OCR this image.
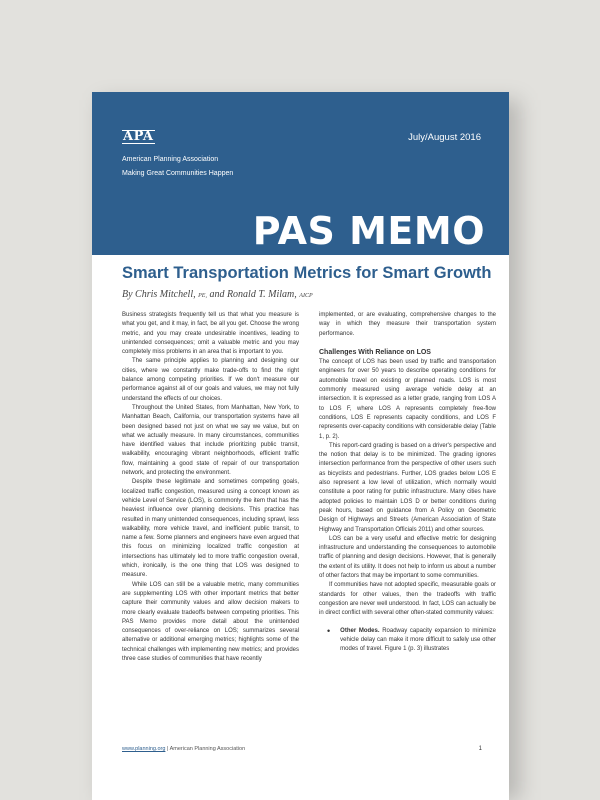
APA	July/August 2016
American Planning Association
Making Great Communities Happen
PAS MEMO
Smart Transportation Metrics for Smart Growth
By Chris Mitchell, PE, and Ronald T. Milam, AICP

Business strategists frequently tell us that what you measure is what you get, and it may, in fact, be all you get. Choose the wrong metric, and you may create undesirable incentives, leading to unintended consequences; omit a valuable metric and you may completely miss problems in an area that is important to you.

The same principle applies to planning and designing our cities, where we constantly make trade-offs to find the right balance among competing priorities. If we don't measure our performance against all of our goals and values, we may not fully understand the effects of our choices.

Throughout the United States, from Manhattan, New York, to Manhattan Beach, California, our transportation systems have all been designed based not just on what we say we value, but on what we actually measure. In many circumstances, communities have identified values that include prioritizing public transit, walkability, encouraging vibrant neighborhoods, efficient traffic flow, maintaining a good state of repair of our transportation network, and protecting the environment.

Despite these legitimate and sometimes competing goals, localized traffic congestion, measured using a concept known as vehicle Level of Service (LOS), is commonly the item that has the heaviest influence over planning decisions. This practice has resulted in many unintended consequences, including sprawl, less walkability, more vehicle travel, and inefficient public transit, to name a few. Some planners and engineers have even argued that this focus on minimizing localized traffic congestion at intersections has ultimately led to more traffic congestion overall, which, ironically, is the one thing that LOS was designed to measure.

While LOS can still be a valuable metric, many communities are supplementing LOS with other important metrics that better capture their community values and allow decision makers to more clearly evaluate tradeoffs between competing priorities. This PAS Memo provides more detail about the unintended consequences of over-reliance on LOS; summarizes several alternative or additional emerging metrics; highlights some of the technical challenges with implementing new metrics; and provides three case studies of communities that have recently

implemented, or are evaluating, comprehensive changes to the way in which they measure their transportation system performance.

Challenges With Reliance on LOS

The concept of LOS has been used by traffic and transportation engineers for over 50 years to describe operating conditions for automobile travel on existing or planned roads. LOS is most commonly measured using average vehicle delay at an intersection. It is expressed as a letter grade, ranging from LOS A to LOS F, where LOS A represents completely free-flow conditions, LOS E represents capacity conditions, and LOS F represents over-capacity conditions with considerable delay (Table 1, p. 2).

This report-card grading is based on a driver's perspective and the notion that delay is to be minimized. The grading ignores intersection performance from the perspective of other users such as bicyclists and pedestrians. Further, LOS grades below LOS E also represent a low level of utilization, which normally would constitute a poor rating for public infrastructure. Many cities have adopted policies to maintain LOS D or better conditions during peak hours, based on guidance from A Policy on Geometric Design of Highways and Streets (American Association of State Highway and Transportation Officials 2011) and other sources.

LOS can be a very useful and effective metric for designing infrastructure and understanding the consequences to automobile traffic of planning and design decisions. However, that is generally the extent of its utility. It does not help to inform us about a number of other factors that may be important to some communities.

If communities have not adopted specific, measurable goals or standards for other values, then the tradeoffs with traffic congestion are never well understood. In fact, LOS can actually be in direct conflict with several other often-stated community values:

• Other Modes. Roadway capacity expansion to minimize vehicle delay can make it more difficult to safely use other modes of travel. Figure 1 (p. 3) illustrates

www.planning.org | American Planning Association	1
